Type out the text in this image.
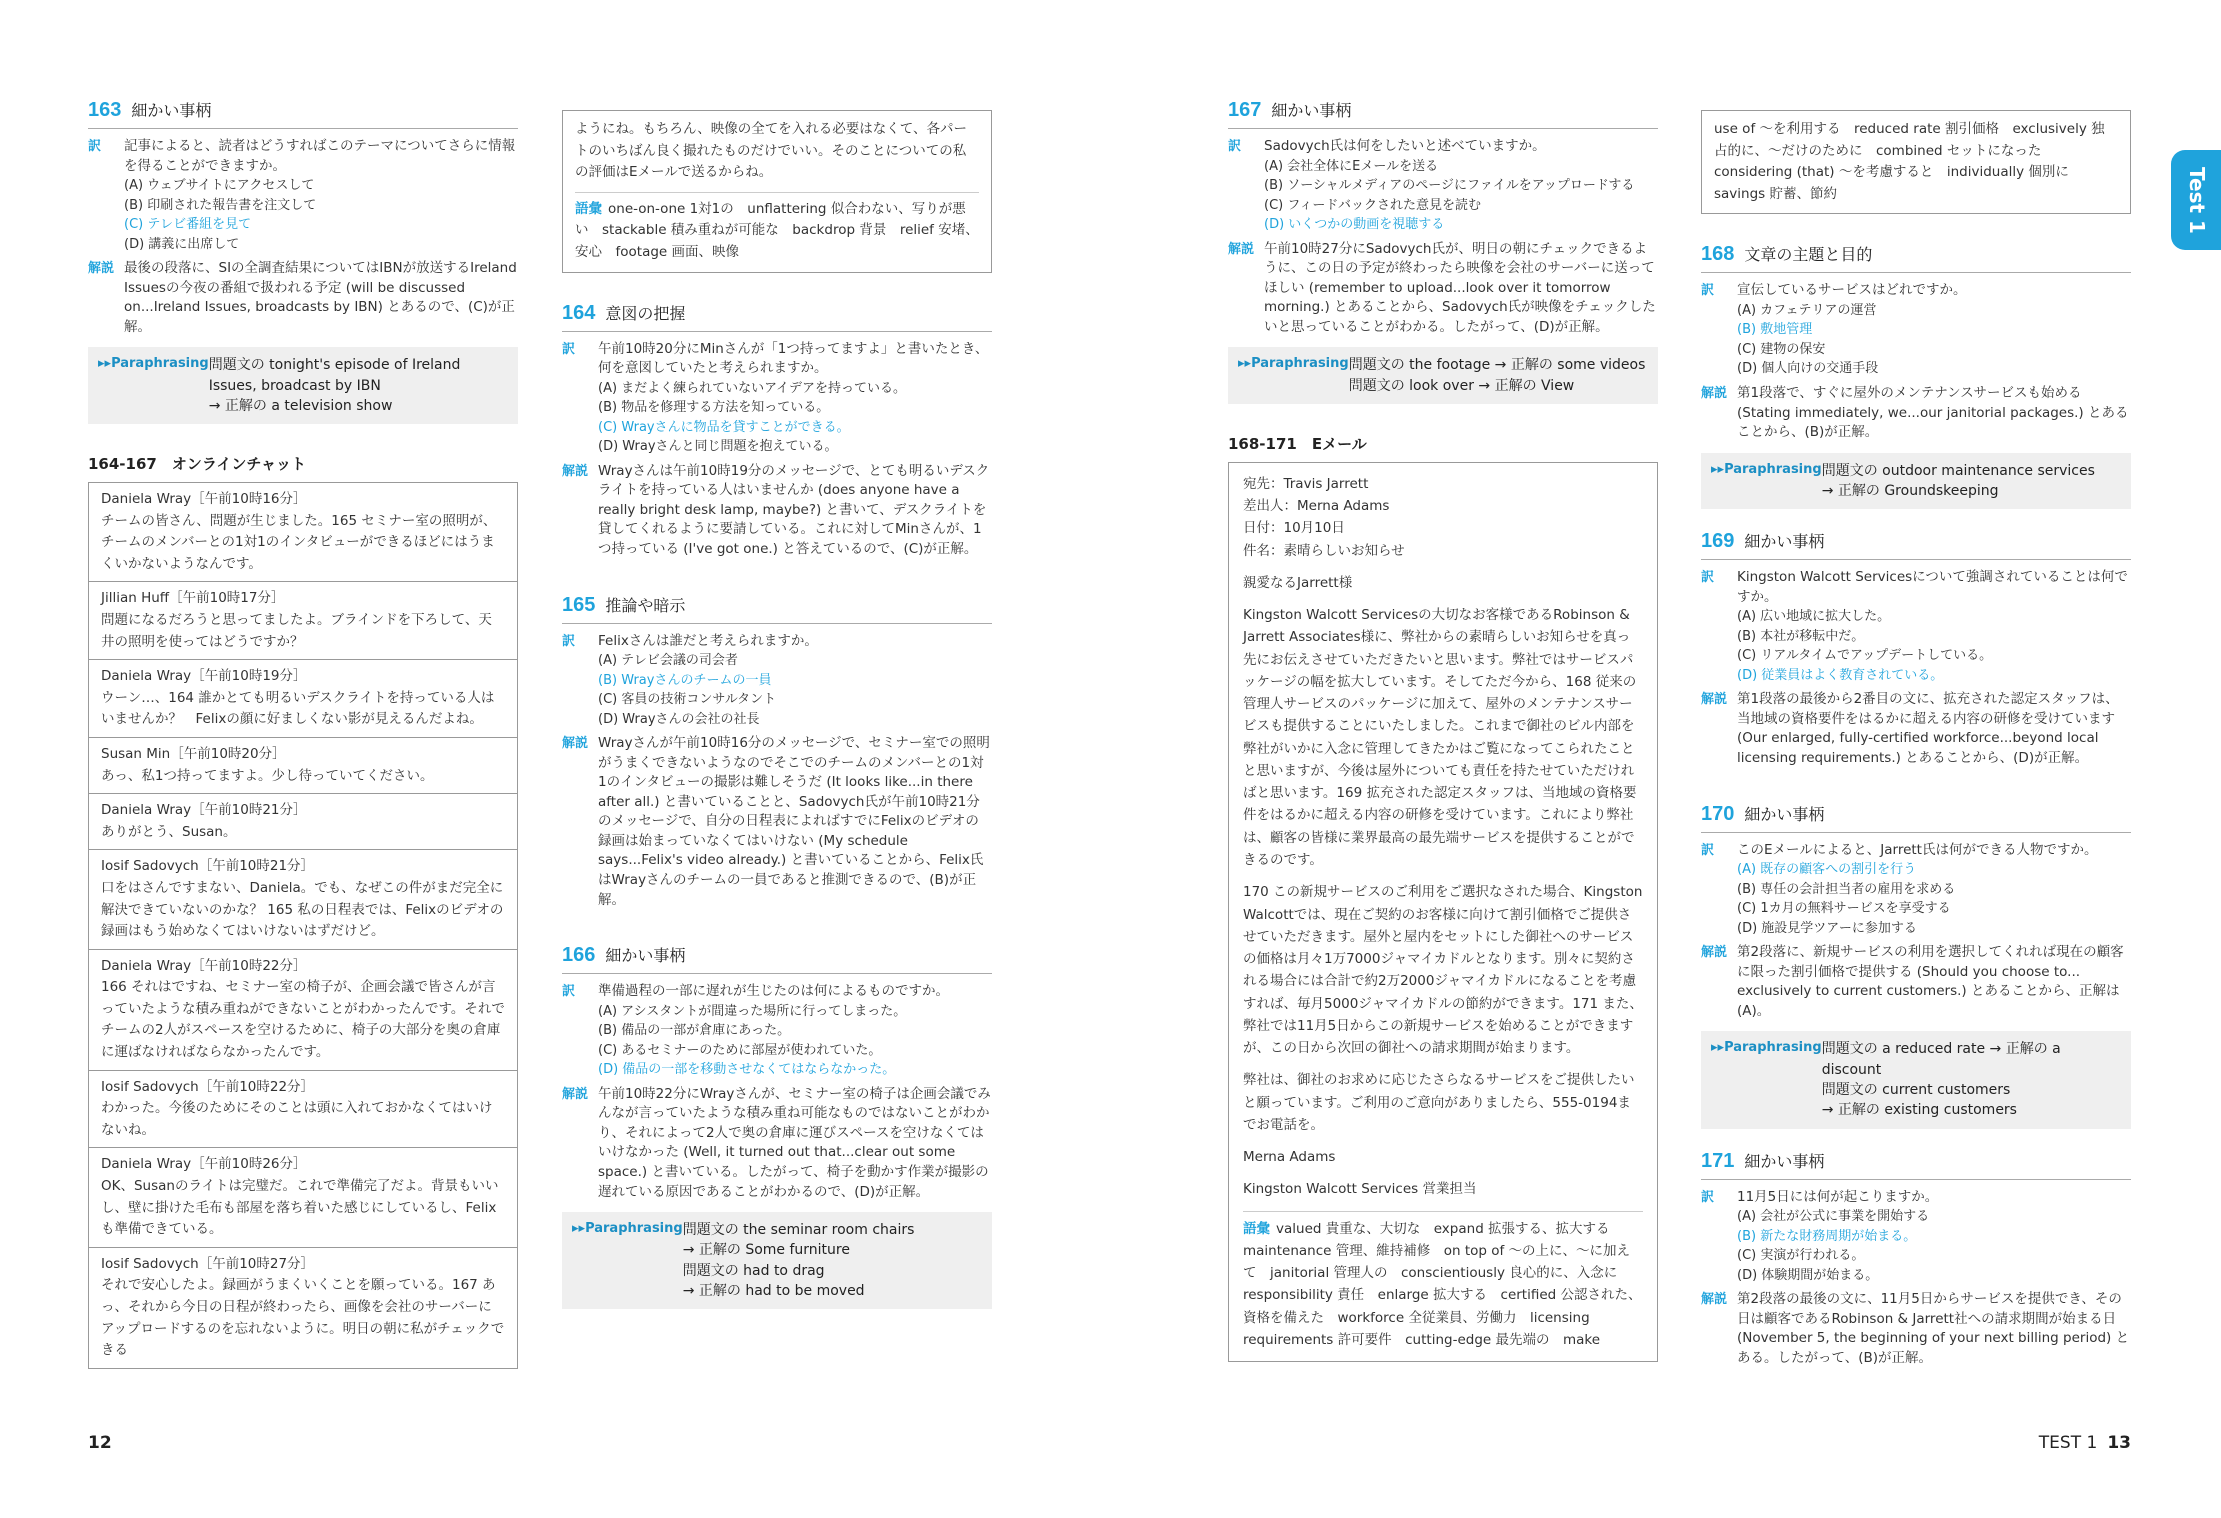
163 細かい事柄
訳	記事によると、読者はどうすればこのテーマについてさらに情報を得ることができますか。
(A) ウェブサイトにアクセスして
(B) 印刷された報告書を注文して
(C) テレビ番組を見て
(D) 講義に出席して
解説 最後の段落に、SIの全調査結果についてはIBNが放送するIreland Issuesの今夜の番組で扱われる予定 (will be discussed on...Ireland Issues, broadcasts by IBN) とあるので、(C)が正解。
▸▸Paraphrasing 問題文の tonight's episode of Ireland Issues, broadcast by IBN
→ 正解の a television show
164-167　オンラインチャット
Daniela Wray［午前10時16分］
チームの皆さん、問題が生じました。165 セミナー室の照明が、チームのメンバーとの1対1のインタビューができるほどにはうまくいかないようなんです。
Jillian Huff［午前10時17分］
問題になるだろうと思ってましたよ。ブラインドを下ろして、天井の照明を使ってはどうですか？
Daniela Wray［午前10時19分］
ウーン…、164 誰かとても明るいデスクライトを持っている人はいませんか？　Felixの顔に好ましくない影が見えるんだよね。
Susan Min［午前10時20分］
あっ、私1つ持ってますよ。少し待っていてください。
Daniela Wray［午前10時21分］
ありがとう、Susan。
Iosif Sadovych［午前10時21分］
口をはさんですまない、Daniela。でも、なぜこの件がまだ完全に解決できていないのかな？ 165 私の日程表では、Felixのビデオの録画はもう始めなくてはいけないはずだけど。
Daniela Wray［午前10時22分］
166 それはですね、セミナー室の椅子が、企画会議で皆さんが言っていたような積み重ねができないことがわかったんです。それでチームの2人がスペースを空けるために、椅子の大部分を奥の倉庫に運ばなければならなかったんです。
Iosif Sadovych［午前10時22分］
わかった。今後のためにそのことは頭に入れておかなくてはいけないね。
Daniela Wray［午前10時26分］
OK、Susanのライトは完璧だ。これで準備完了だよ。背景もいいし、壁に掛けた毛布も部屋を落ち着いた感じにしているし、Felixも準備できている。
Iosif Sadovych［午前10時27分］
それで安心したよ。録画がうまくいくことを願っている。167 あっ、それから今日の日程が終わったら、画像を会社のサーバーにアップロードするのを忘れないように。明日の朝に私がチェックできる
ようにね。もちろん、映像の全てを入れる必要はなくて、各パートのいちばん良く撮れたものだけでいい。そのことについての私の評価はEメールで送るからね。
語彙 one-on-one 1対1の　unflattering 似合わない、写りが悪い　stackable 積み重ねが可能な　backdrop 背景　relief 安堵、安心　footage 画面、映像
164 意図の把握
訳	午前10時20分にMinさんが「1つ持ってますよ」と書いたとき、何を意図していたと考えられますか。
(A) まだよく練られていないアイデアを持っている。
(B) 物品を修理する方法を知っている。
(C) Wrayさんに物品を貸すことができる。
(D) Wrayさんと同じ問題を抱えている。
解説 Wrayさんは午前10時19分のメッセージで、とても明るいデスクライトを持っている人はいませんか (does anyone have a really bright desk lamp, maybe?) と書いて、デスクライトを貸してくれるように要請している。これに対してMinさんが、1つ持っている (I've got one.) と答えているので、(C)が正解。
165 推論や暗示
訳	Felixさんは誰だと考えられますか。
(A) テレビ会議の司会者
(B) Wrayさんのチームの一員
(C) 客員の技術コンサルタント
(D) Wrayさんの会社の社長
解説 Wrayさんが午前10時16分のメッセージで、セミナー室での照明がうまくできないようなのでそこでのチームのメンバーとの1対1のインタビューの撮影は難しそうだ (It looks like...in there after all.) と書いていることと、Sadovych氏が午前10時21分のメッセージで、自分の日程表によればすでにFelixのビデオの録画は始まっていなくてはいけない (My schedule says...Felix's video already.) と書いていることから、Felix氏はWrayさんのチームの一員であると推測できるので、(B)が正解。
166 細かい事柄
訳	準備過程の一部に遅れが生じたのは何によるものですか。
(A) アシスタントが間違った場所に行ってしまった。
(B) 備品の一部が倉庫にあった。
(C) あるセミナーのために部屋が使われていた。
(D) 備品の一部を移動させなくてはならなかった。
解説 午前10時22分にWrayさんが、セミナー室の椅子は企画会議でみんなが言っていたような積み重ね可能なものではないことがわかり、それによって2人で奥の倉庫に運びスペースを空けなくてはいけなかった (Well, it turned out that...clear out some space.) と書いている。したがって、椅子を動かす作業が撮影の遅れている原因であることがわかるので、(D)が正解。
▸▸Paraphrasing 問題文の the seminar room chairs
→ 正解の Some furniture
問題文の had to drag
→ 正解の had to be moved
167 細かい事柄
訳	Sadovych氏は何をしたいと述べていますか。
(A) 会社全体にEメールを送る
(B) ソーシャルメディアのページにファイルをアップロードする
(C) フィードバックされた意見を読む
(D) いくつかの動画を視聴する
解説 午前10時27分にSadovych氏が、明日の朝にチェックできるように、この日の予定が終わったら映像を会社のサーバーに送ってほしい (remember to upload...look over it tomorrow morning.) とあることから、Sadovych氏が映像をチェックしたいと思っていることがわかる。したがって、(D)が正解。
▸▸Paraphrasing 問題文の the footage → 正解の some videos
問題文の look over → 正解の View
168-171　Eメール
宛先：Travis Jarrett
差出人：Merna Adams
日付：10月10日

件名：素晴らしいお知らせ

親愛なるJarrett様

Kingston Walcott Servicesの大切なお客様であるRobinson & Jarrett Associates様に、弊社からの素晴らしいお知らせを真っ先にお伝えさせていただきたいと思います。弊社ではサービスパッケージの幅を拡大しています。そしてただ今から、168 従来の管理人サービスのパッケージに加えて、屋外のメンテナンスサービスも提供することにいたしました。これまで御社のビル内部を弊社がいかに入念に管理してきたかはご覧になってこられたことと思いますが、今後は屋外についても責任を持たせていただければと思います。169 拡充された認定スタッフは、当地域の資格要件をはるかに超える内容の研修を受けています。これにより弊社は、顧客の皆様に業界最高の最先端サービスを提供することができるのです。

170 この新規サービスのご利用をご選択なされた場合、Kingston Walcottでは、現在ご契約のお客様に向けて割引価格でご提供させていただきます。屋外と屋内をセットにした御社へのサービスの価格は月々1万7000ジャマイカドルとなります。別々に契約される場合には合計で約2万2000ジャマイカドルになることを考慮すれば、毎月5000ジャマイカドルの節約ができます。171 また、弊社では11月5日からこの新規サービスを始めることができますが、この日から次回の御社への請求期間が始まります。

弊社は、御社のお求めに応じたさらなるサービスをご提供したいと願っています。ご利用のご意向がありましたら、555-0194までお電話を。

Merna Adams

Kingston Walcott Services 営業担当

語彙 valued 貴重な、大切な　expand 拡張する、拡大する　maintenance 管理、維持補修　on top of 〜の上に、〜に加えて　janitorial 管理人の　conscientiously 良心的に、入念に　responsibility 責任　enlarge 拡大する　certified 公認された、資格を備えた　workforce 全従業員、労働力　licensing requirements 許可要件　cutting-edge 最先端の　make
use of 〜を利用する　reduced rate 割引価格　exclusively 独占的に、〜だけのために　combined セットになった　considering (that) 〜を考慮すると　individually 個別に　savings 貯蓄、節約
168 文章の主題と目的
訳	宣伝しているサービスはどれですか。
(A) カフェテリアの運営
(B) 敷地管理
(C) 建物の保安
(D) 個人向けの交通手段
解説 第1段落で、すぐに屋外のメンテナンスサービスも始める (Stating immediately, we...our janitorial packages.) とあることから、(B)が正解。
▸▸Paraphrasing 問題文の outdoor maintenance services
→ 正解の Groundskeeping
169 細かい事柄
訳	Kingston Walcott Servicesについて強調されていることは何ですか。
(A) 広い地域に拡大した。
(B) 本社が移転中だ。
(C) リアルタイムでアップデートしている。
(D) 従業員はよく教育されている。
解説 第1段落の最後から2番目の文に、拡充された認定スタッフは、当地域の資格要件をはるかに超える内容の研修を受けています (Our enlarged, fully-certified workforce...beyond local licensing requirements.) とあることから、(D)が正解。
170 細かい事柄
訳	このEメールによると、Jarrett氏は何ができる人物ですか。
(A) 既存の顧客への割引を行う
(B) 専任の会計担当者の雇用を求める
(C) 1カ月の無料サービスを享受する
(D) 施設見学ツアーに参加する
解説 第2段落に、新規サービスの利用を選択してくれれば現在の顧客に限った割引価格で提供する (Should you choose to... exclusively to current customers.) とあることから、正解は(A)。
▸▸Paraphrasing 問題文の a reduced rate → 正解の a discount
問題文の current customers
→ 正解の existing customers
171 細かい事柄
訳	11月5日には何が起こりますか。
(A) 会社が公式に事業を開始する
(B) 新たな財務周期が始まる。
(C) 実演が行われる。
(D) 体験期間が始まる。
解説 第2段落の最後の文に、11月5日からサービスを提供でき、その日は顧客であるRobinson & Jarrett社への請求期間が始まる日 (November 5, the beginning of your next billing period) とある。したがって、(B)が正解。
Test 1
12	TEST 1 13
